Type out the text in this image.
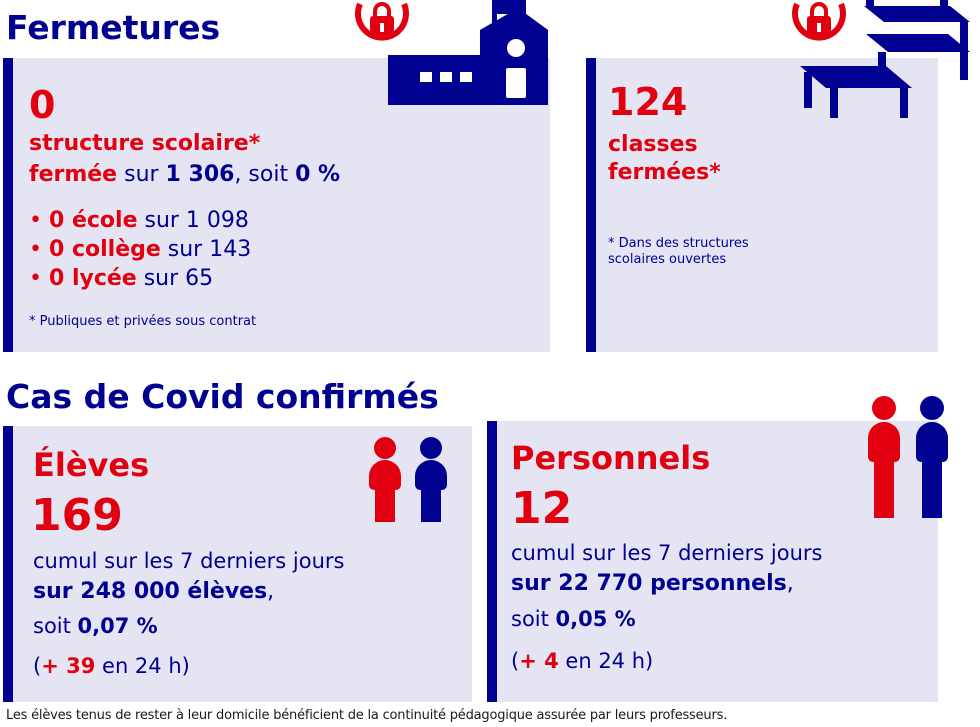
Fermetures
0
structure scolaire*
fermée sur 1 306, soit 0 %
• 0 école sur 1 098
• 0 collège sur 143
• 0 lycée sur 65
* Publiques et privées sous contrat
124
classes
fermées*
* Dans des structures
scolaires ouvertes
Cas de Covid confirmés
Élèves
169
cumul sur les 7 derniers jours
sur 248 000 élèves,
soit 0,07 %
(+ 39 en 24 h)
Personnels
12
cumul sur les 7 derniers jours
sur 22 770 personnels,
soit 0,05 %
(+ 4 en 24 h)
Les élèves tenus de rester à leur domicile bénéficient de la continuité pédagogique assurée par leurs professeurs.
